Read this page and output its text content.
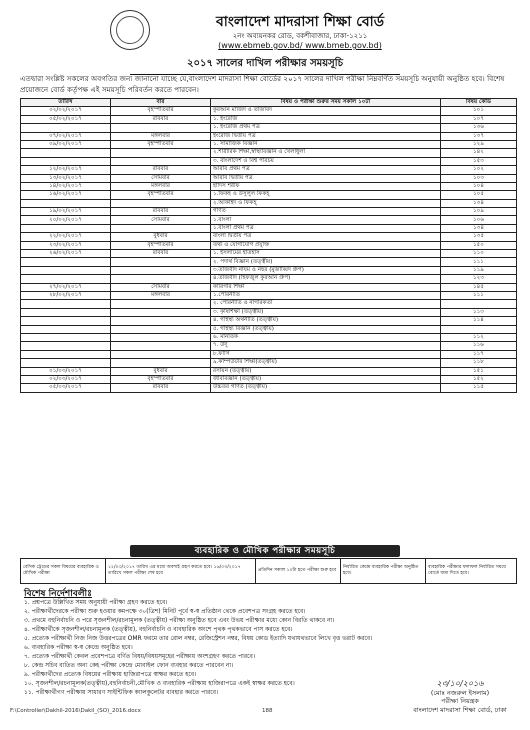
বাংলাদেশ মাদরাসা শিক্ষা বোর্ড
২নং অব্যয়নকর রোড, বকশীবাজার, ঢাকা-১২১১
(www.ebmeb.gov.bd/ www.bmeb.gov.bd)
২০১৭ সালের দাখিল পরীক্ষার সময়সূচি
এতদ্বারা সংশ্লিষ্ট সকলের অবগতির জন্য জানানো যাচ্ছে যে,বাংলাদেশ মাদরাসা শিক্ষা বোর্ডের ২০১৭ সালের দাখিল পরীক্ষা নিম্নবর্ণিত সময়সূচি অনুযায়ী অনুষ্ঠিত হবে। বিশেষ প্রয়োজনে বোর্ড কর্তৃপক্ষ এই সময়সূচি পরিবর্তন করতে পারবেন।
তারিখ	বার	বিষয় ও পরীক্ষা শুরুর সময় সকাল ১০টা	বিষয় কোড
০২/০২/২০১৭	বৃহস্পতিবার	কুরআন মাজিদ ও তাজবিদ	১০১
০৫/০২/২০১৭	রবিবার	১. ইংরেজি	১০৭
		১. ইংরেজি প্রথম পত্র	১৩৬
০৭/০২/২০১৭	মঙ্গলবার	ইংরেজি দ্বিতীয় পত্র	১৩৭
০৯/০২/২০১৭	বৃহস্পতিবার	১. সামাজিক বিজ্ঞান	১২৯
		২.শারীরিক শিক্ষা,স্বাস্থ্যবিজ্ঞান ও খেলাধুলা	১৪২
		৩. বাংলাদেশ ও বিশ্ব পরিচয়	১৫৩
১২/০২/২০১৭	রবিবার	আরবি প্রথম পত্র	১০২
১৩/০২/২০১৭	সোমবার	আরবি দ্বিতীয় পত্র	১০৩
১৪/০২/২০১৭	মঙ্গলবার	হাদিস শরীফ	১০৪
১৬/০২/২০১৭	বৃহস্পতিবার	১.ফিকহ ও উসুলুল ফিকহ্	১০৫
		২.আকাইদ ও ফিকহ্	১৩৪
১৯/০২/২০১৭	রবিবার	গণিত	১০৯
২০/০২/২০১৭	সোমবার	১.বাংলা	১০৬
		১.বাংলা প্রথম পত্র	১৩৪
২২/০২/২০১৭	বুধবার	বাংলা দ্বিতীয় পত্র	১৩৫
২৩/০২/২০১৭	বৃহস্পতিবার	তথ্য ও যোগাযোগ প্রযুক্তি	১৫০
২৬/০২/২০১৭	রবিবার	১. ইসলামের ইতিহাস	১১০
		২. পদার্থ বিজ্ঞান (তত্ত্বীয়)	১১১
		৩.তাজবীদ নাযম ও নছর (মুজাব্বিদ গ্রুপ)	১১৯
		৪.তাজবীদ (হিফজুল কুরআন গ্রুপ)	১২৩
২৭/০২/২০১৭	সোমবার	কারিগরি শিক্ষা	১৪৫
২৮/০২/২০১৭	মঙ্গলবার	১.পৌরনীতি	১১১
		২. পৌরনীতি ও নাগরিকতা	
		৩. কৃষিশিক্ষা (তত্ত্বীয়)	১১৩
		৪. গার্হস্থ্য অর্থনীতি (তত্ত্বীয়)	১১৪
		৫. গার্হস্থ্য বিজ্ঞান (তত্ত্বীয়)	
		৬. মানতিক	১১২
		৭. উর্দু	১১৬
		৮.ফার্সি	১১৭
		৯.কম্পিউটার শিক্ষা(তত্ত্বীয়)	১১৮
০১/০৩/২০১৭	বুধবার	রসায়ন (তত্ত্বীয়)	১৫১
০২/০৩/২০১৭	বৃহস্পতিবার	জীববিজ্ঞান (তত্ত্বীয়)	১৫২
০৫/০৩/২০১৭	রবিবার	উচ্চতর গণিত (তত্ত্বীয়)	১১৫
ব্যবহারিক ও মৌখিক পরীক্ষার সময়সূচি
বেসিক ট্রেডের সকল বিষয়ের ব্যবহারিক ও মৌখিক পরীক্ষা	১২/০৩/২০১৭ তারিখ এর মধ্যে অবশ্যই গ্রহণ করতে হবে। ১৬/০৩/২০১৭ তারিখে সকল পরীক্ষা শেষ হবে	প্রতিদিন সকাল ১০টা হতে পরীক্ষা শুরু হবে	নির্ধারিত কেন্দ্রে ব্যবহারিক পরীক্ষা অনুষ্ঠিত হবে।	ব্যবহারিক পরীক্ষার ফলাফল নির্ধারিত সময়ে বোর্ডে জমা দিতে হবে।
বিশেষ নির্দেশাবলীঃ
১. প্রশ্নপত্রে উল্লিখিত সময় অনুযায়ী পরীক্ষা গ্রহণ করতে হবে।
২. পরীক্ষার্থীদেরকে পরীক্ষা শুরু হওয়ার কমপক্ষে ৩০(ত্রিশ) মিনিট পূর্বে স্ব-স্ব প্রতিষ্ঠান থেকে প্রবেশপত্র সংগ্রহ করতে হবে।
৩. প্রথমে বহুনির্বাচনি ও পরে সৃজনশীল/রচনামূলক (তত্ত্বীয়) পরীক্ষা অনুষ্ঠিত হবে এবং উভয় পরীক্ষার মধ্যে কোন বিরতি থাকবে না।
৪. পরীক্ষার্থীকে সৃজনশীল/রচনামূলক (তত্ত্বীয়), বহুনির্বাচনি ও ব্যবহারিক অংশে পৃথক পৃথকভাবে পাস করতে হবে।
৫. প্রত্যেক পরীক্ষার্থী নিজ নিজ উত্তরপত্রের OMR ফরমে তার রোল নম্বর, রেজিস্ট্রেশন নম্বর, বিষয় কোড ইত্যাদি যথাযথভাবে লিখে বৃত্ত ভরাট করবে।
৬. ব্যবহারিক পরীক্ষা স্ব-স্ব কেন্দ্রে অনুষ্ঠিত হবে।
৭. প্রত্যেক পরীক্ষার্থী কেবল প্রবেশপত্রে বর্ণিত বিষয়/বিষয়সমূহের পরীক্ষায় অংশগ্রহণ করতে পারবে।
৮. কেন্দ্র সচিব ব্যতিত অন্য কেহ পরীক্ষা কেন্দ্রে মোবাইল ফোন ব্যবহার করতে পারবেন না।
৯. পরীক্ষার্থীদের প্রত্যেক বিষয়ের পরীক্ষায় হাজিরাপত্রে স্বাক্ষর করতে হবে।
১০. সৃজনশীল/রচনামূলক(তত্ত্বীয়),বহুনির্বাচনী,মৌখিক ও ব্যবহারিক পরীক্ষায় হাজিরাপত্রে একই স্বাক্ষর করতে হবে।
১১. পরীক্ষার্থীগণ পরীক্ষায় সাধারণ সাইন্টিফিক ক্যালকুলেটর ব্যবহার করতে পারবে।
২৩/১০/২০১৬
(মোঃ নজরুল ইসলাম)
পরীক্ষা নিয়ন্ত্রক
বাংলাদেশ মাদরাসা শিক্ষা বোর্ড, ঢাকা
F:\Controller\Dakhil-2016\Dakil_(SO)_2016.docx	188
